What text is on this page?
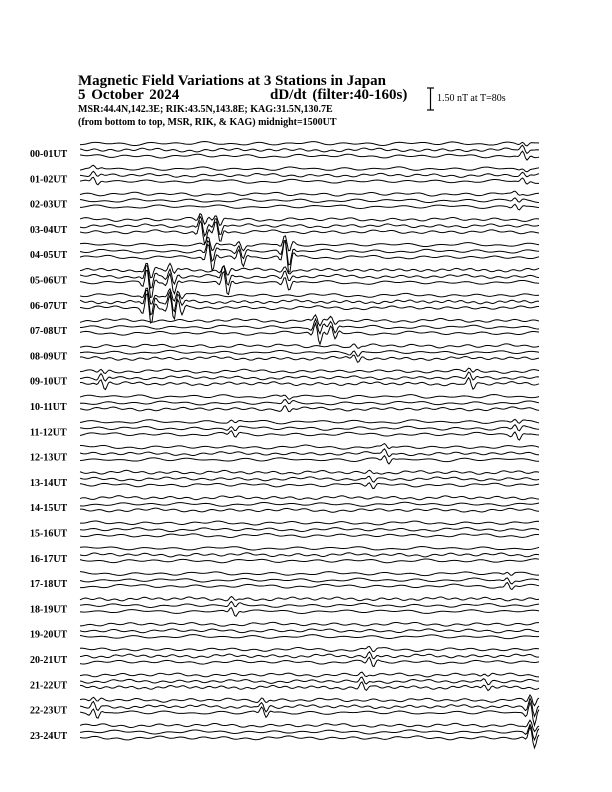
Magnetic Field Variations at 3 Stations in Japan
5 October 2024	dD/dt (filter:40-160s)
MSR:44.4N,142.3E; RIK:43.5N,143.8E; KAG:31.5N,130.7E
(from bottom to top, MSR, RIK, & KAG) midnight=1500UT
1.50 nT at T=80s
00-01UT
01-02UT
02-03UT
03-04UT
04-05UT
05-06UT
06-07UT
07-08UT
08-09UT
09-10UT
10-11UT
11-12UT
12-13UT
13-14UT
14-15UT
15-16UT
16-17UT
17-18UT
18-19UT
19-20UT
20-21UT
21-22UT
22-23UT
23-24UT
